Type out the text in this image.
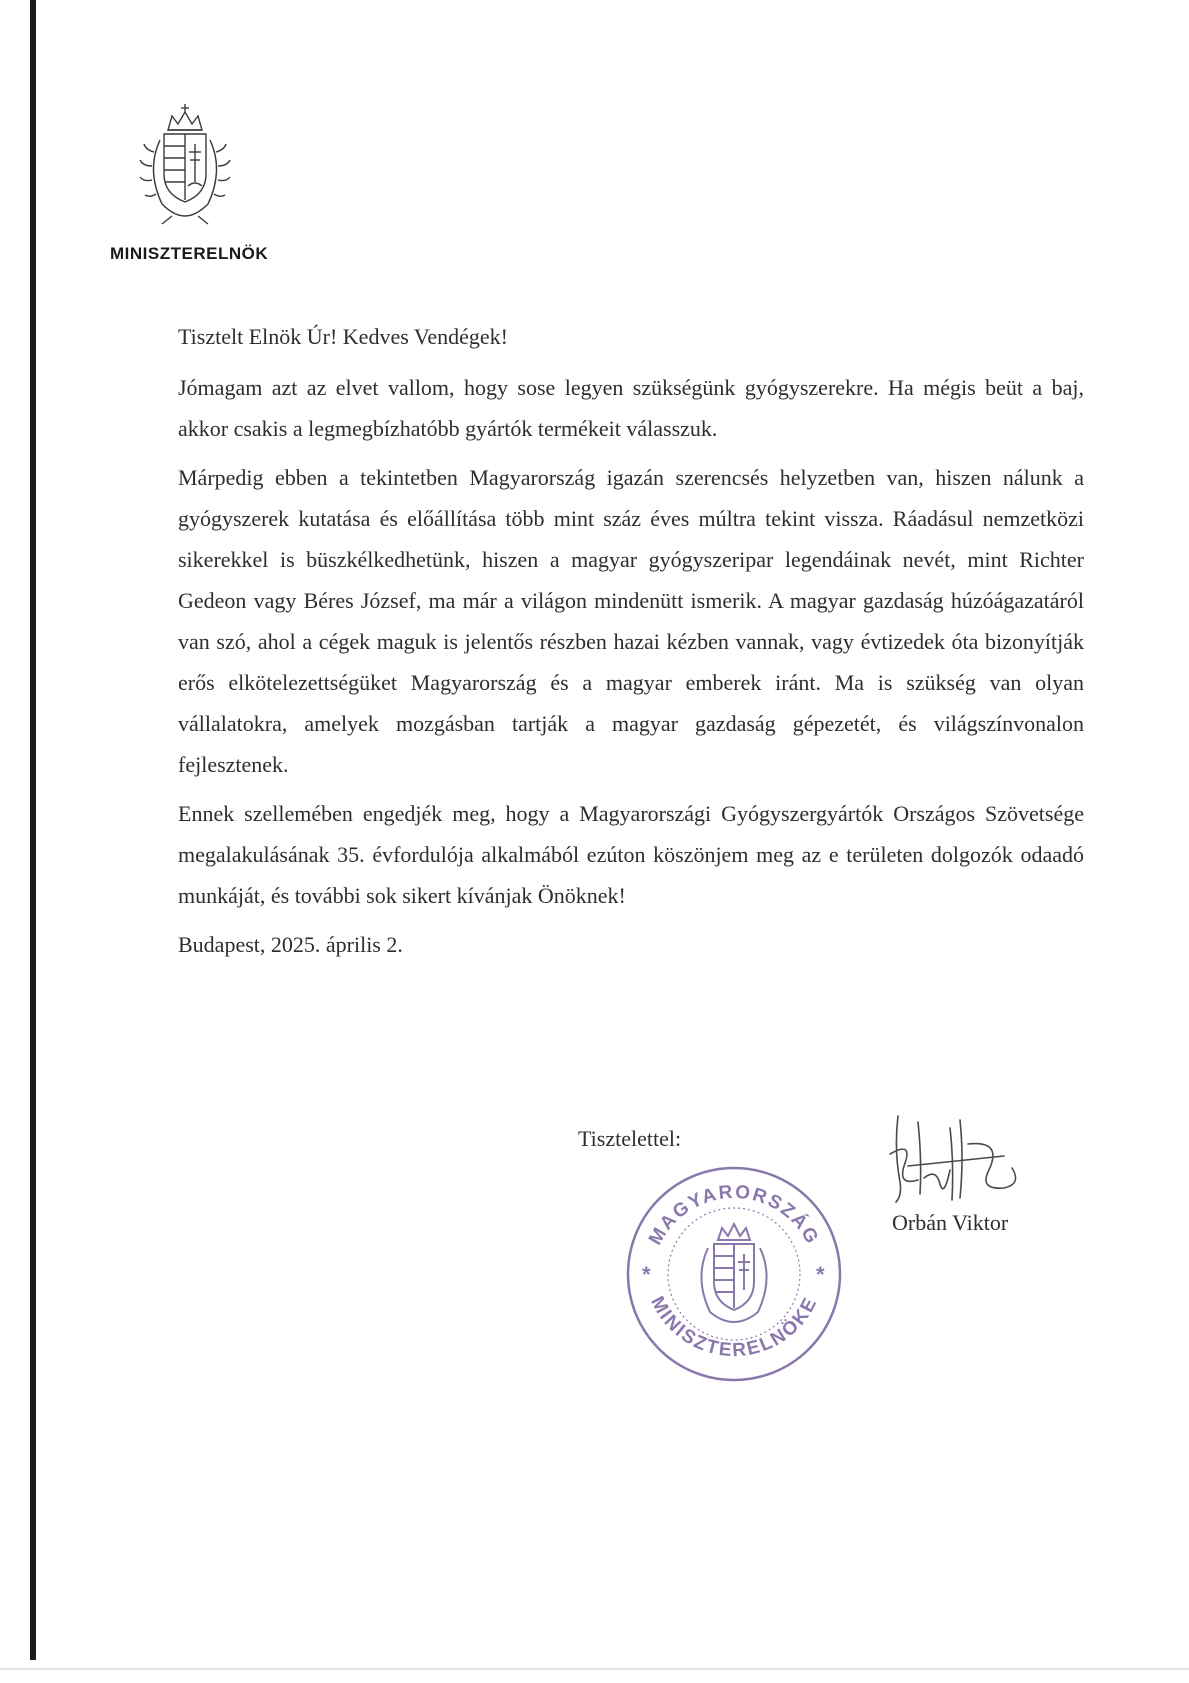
MINISZTERELNÖK

Tisztelt Elnök Úr! Kedves Vendégek!

Jómagam azt az elvet vallom, hogy sose legyen szükségünk gyógyszerekre. Ha mégis beüt a baj, akkor csakis a legmegbízhatóbb gyártók termékeit válasszuk.

Márpedig ebben a tekintetben Magyarország igazán szerencsés helyzetben van, hiszen nálunk a gyógyszerek kutatása és előállítása több mint száz éves múltra tekint vissza. Ráadásul nemzetközi sikerekkel is büszkélkedhetünk, hiszen a magyar gyógyszeripar legendáinak nevét, mint Richter Gedeon vagy Béres József, ma már a világon mindenütt ismerik. A magyar gazdaság húzóágazatáról van szó, ahol a cégek maguk is jelentős részben hazai kézben vannak, vagy évtizedek óta bizonyítják erős elkötelezettségüket Magyarország és a magyar emberek iránt. Ma is szükség van olyan vállalatokra, amelyek mozgásban tartják a magyar gazdaság gépezetét, és világszínvonalon fejlesztenek.

Ennek szellemében engedjék meg, hogy a Magyarországi Gyógyszergyártók Országos Szövetsége megalakulásának 35. évfordulója alkalmából ezúton köszönjem meg az e területen dolgozók odaadó munkáját, és további sok sikert kívánjak Önöknek!

Budapest, 2025. április 2.

Tisztelettel:
Orbán Viktor
MAGYARORSZÁG
MINISZTERELNÖKE
*	*
